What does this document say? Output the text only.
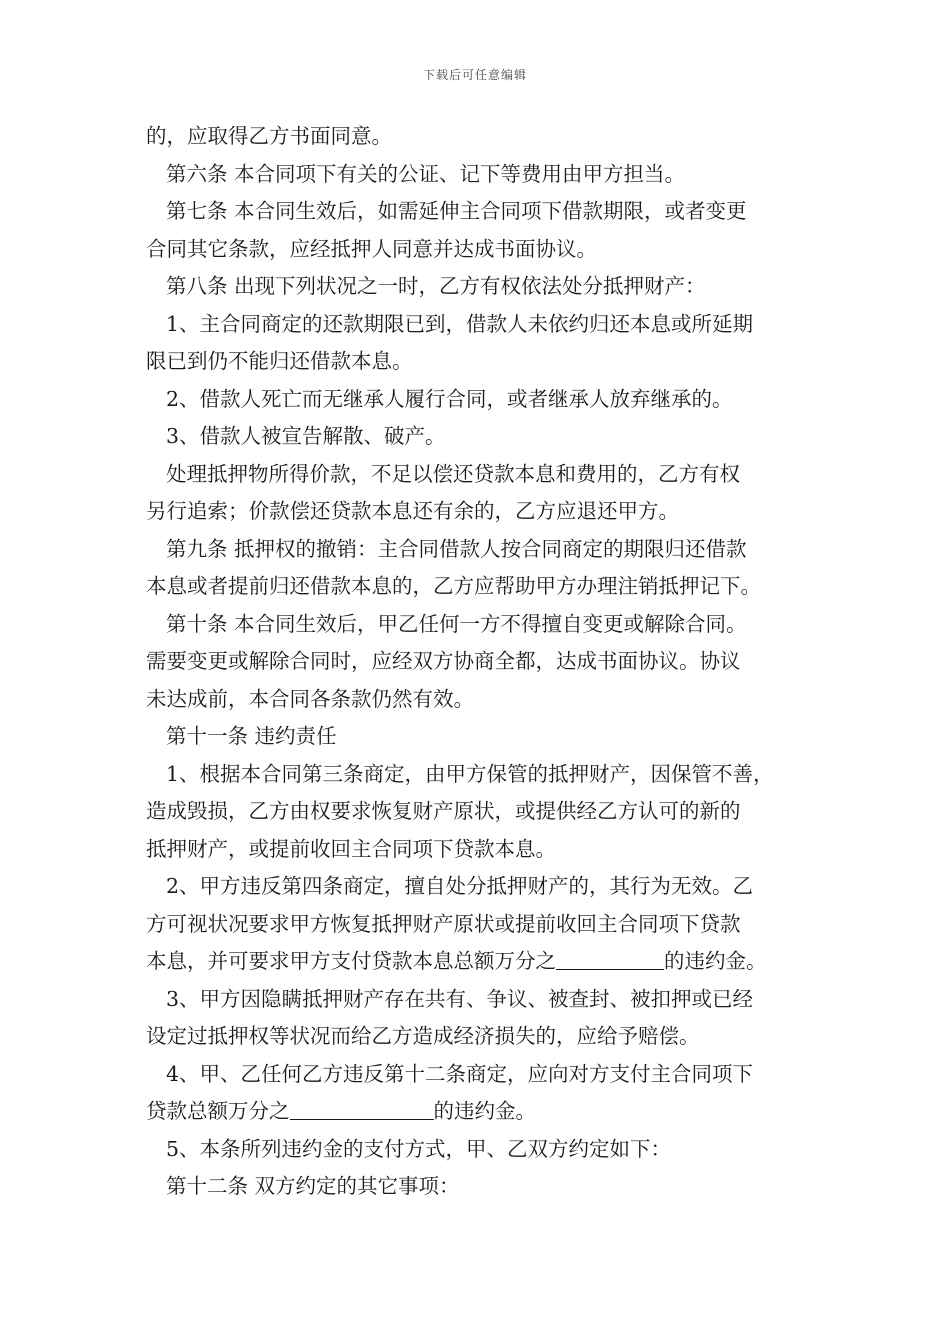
下载后可任意编辑
的，应取得乙方书面同意。
第六条 本合同项下有关的公证、记下等费用由甲方担当。
第七条 本合同生效后，如需延伸主合同项下借款期限，或者变更
合同其它条款，应经抵押人同意并达成书面协议。
第八条 出现下列状况之一时，乙方有权依法处分抵押财产：
1、主合同商定的还款期限已到，借款人未依约归还本息或所延期
限已到仍不能归还借款本息。
2、借款人死亡而无继承人履行合同，或者继承人放弃继承的。
3、借款人被宣告解散、破产。
处理抵押物所得价款，不足以偿还贷款本息和费用的，乙方有权
另行追索；价款偿还贷款本息还有余的，乙方应退还甲方。
第九条 抵押权的撤销：主合同借款人按合同商定的期限归还借款
本息或者提前归还借款本息的，乙方应帮助甲方办理注销抵押记下。
第十条 本合同生效后，甲乙任何一方不得擅自变更或解除合同。
需要变更或解除合同时，应经双方协商全都，达成书面协议。协议
未达成前，本合同各条款仍然有效。
第十一条 违约责任
1、根据本合同第三条商定，由甲方保管的抵押财产，因保管不善，
造成毁损，乙方由权要求恢复财产原状，或提供经乙方认可的新的
抵押财产，或提前收回主合同项下贷款本息。
2、甲方违反第四条商定，擅自处分抵押财产的，其行为无效。乙
方可视状况要求甲方恢复抵押财产原状或提前收回主合同项下贷款
本息，并可要求甲方支付贷款本息总额万分之	的违约金。
3、甲方因隐瞒抵押财产存在共有、争议、被查封、被扣押或已经
设定过抵押权等状况而给乙方造成经济损失的，应给予赔偿。
4、甲、乙任何乙方违反第十二条商定，应向对方支付主合同项下
贷款总额万分之	的违约金。
5、本条所列违约金的支付方式，甲、乙双方约定如下：
第十二条 双方约定的其它事项：
